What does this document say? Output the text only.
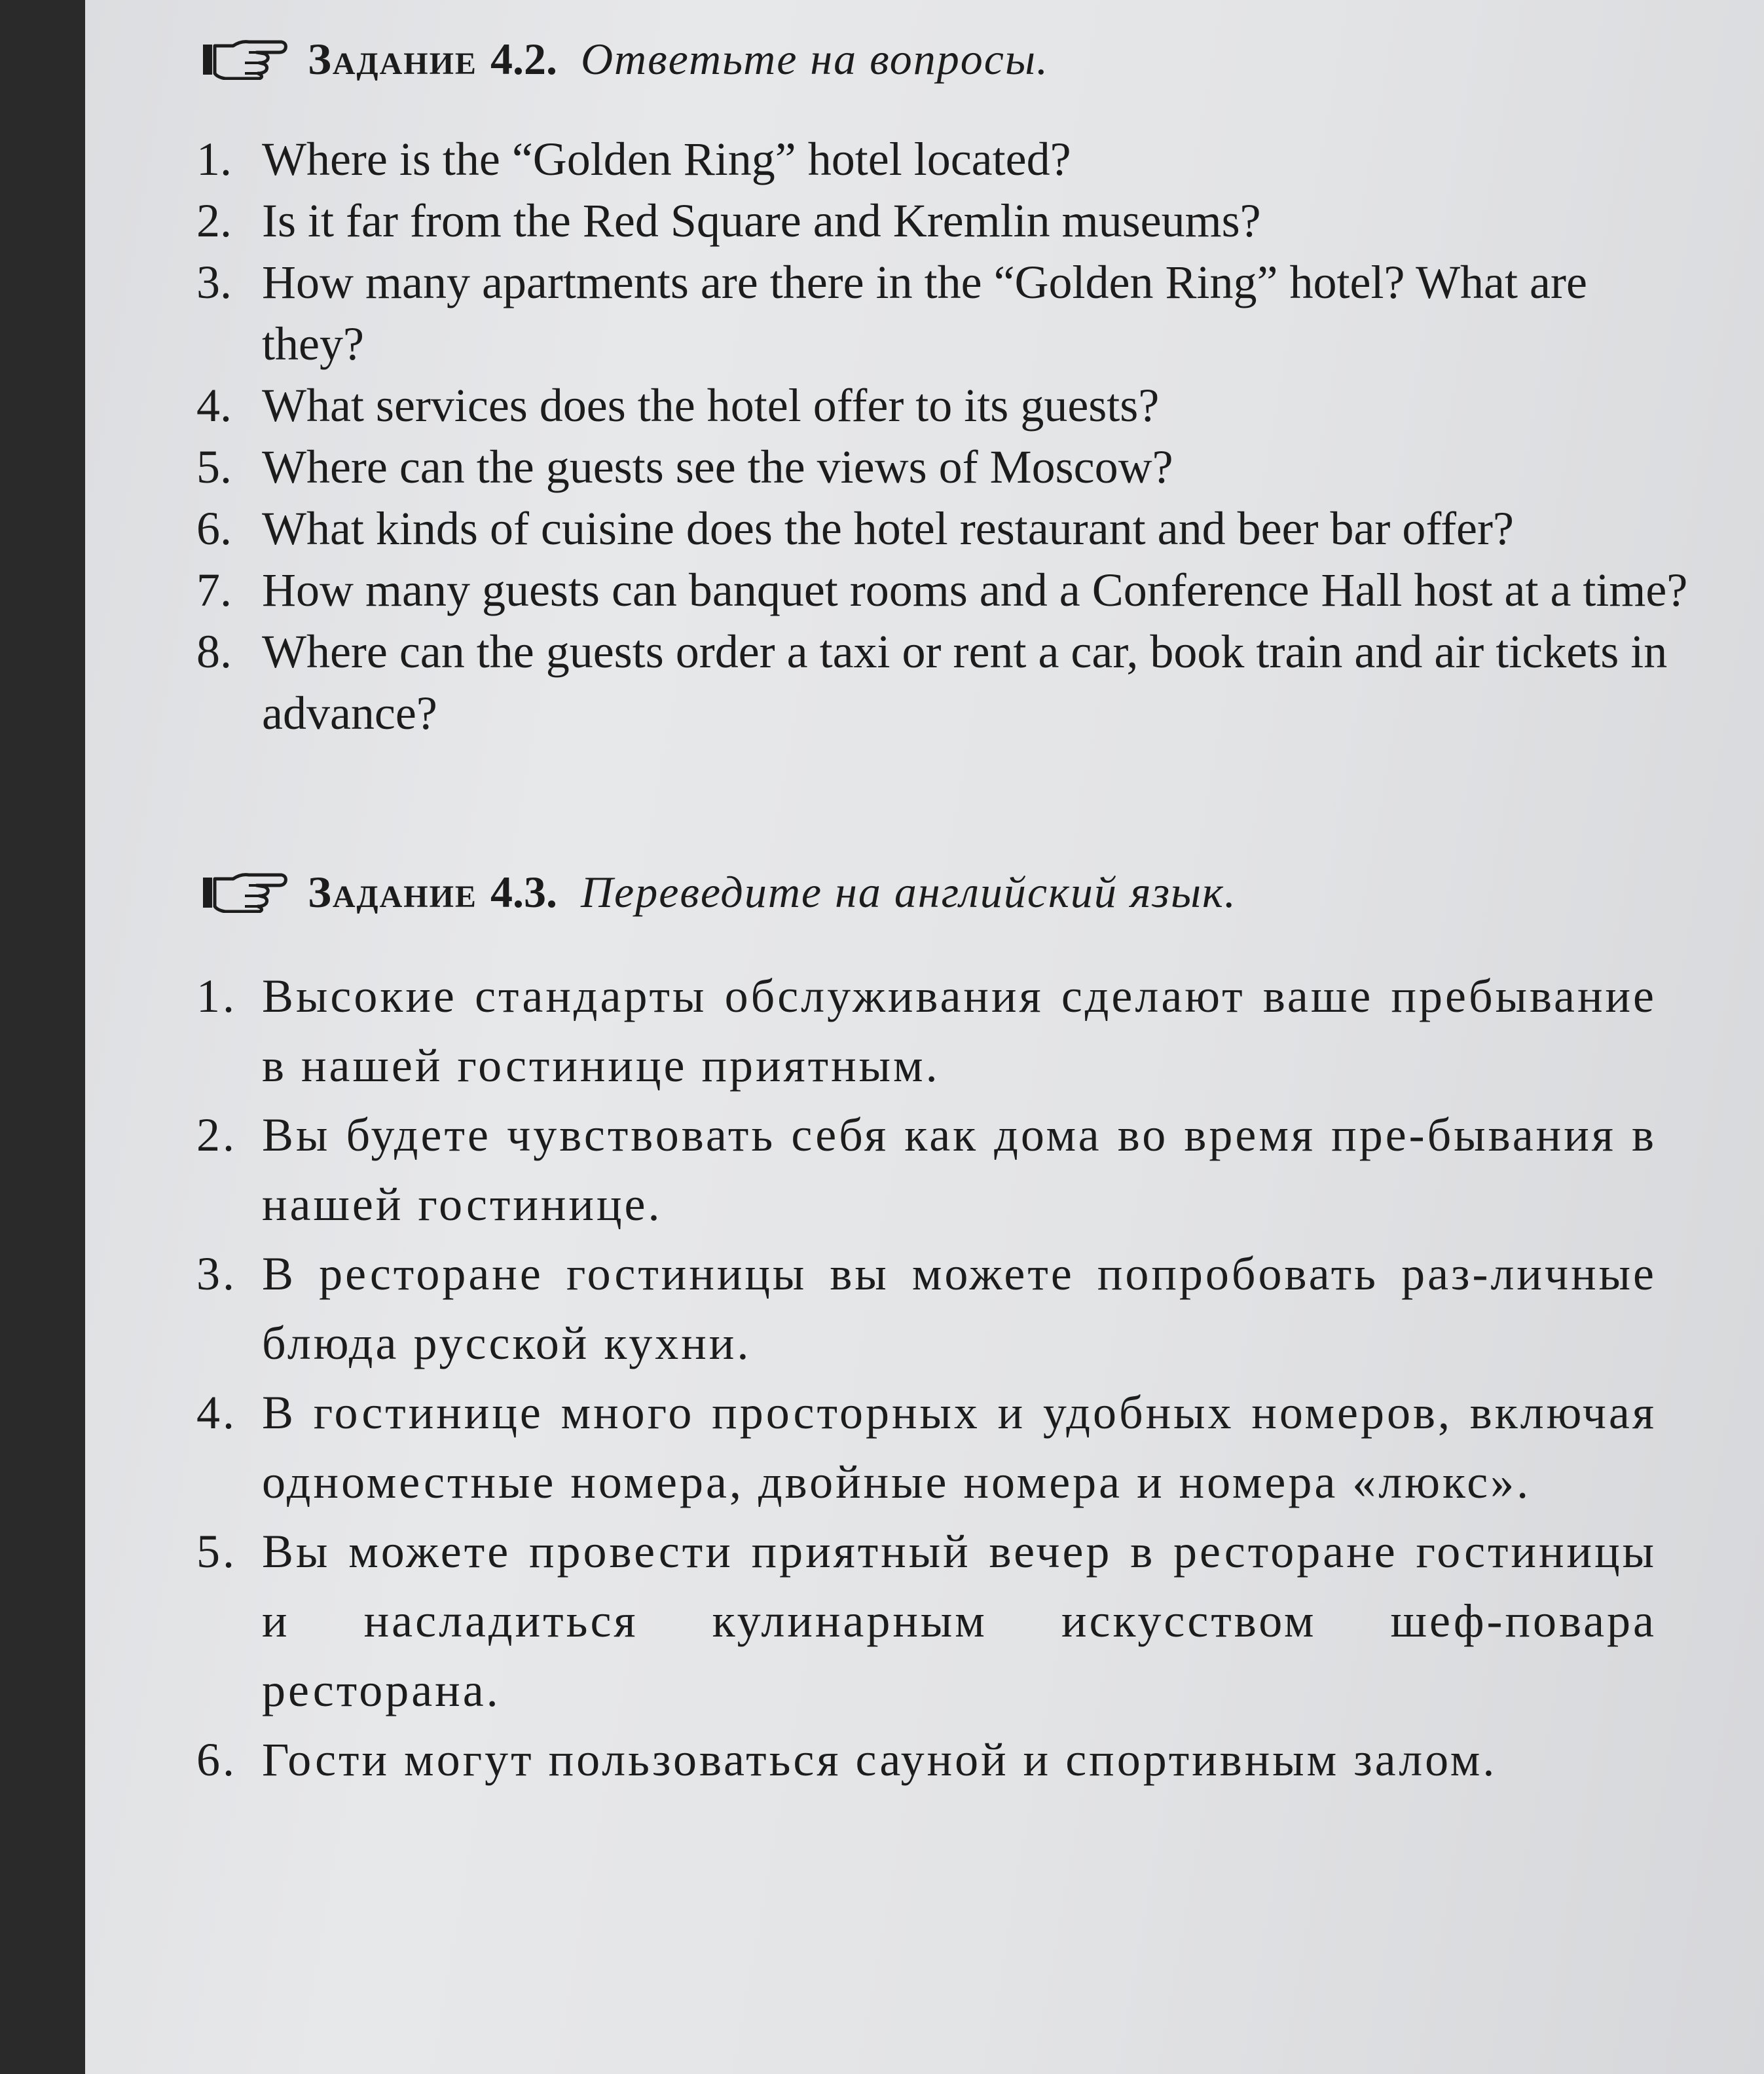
Задание 4.2. Ответьте на вопросы.
1. Where is the “Golden Ring” hotel located?
2. Is it far from the Red Square and Kremlin museums?
3. How many apartments are there in the “Golden Ring” hotel? What are they?
4. What services does the hotel offer to its guests?
5. Where can the guests see the views of Moscow?
6. What kinds of cuisine does the hotel restaurant and beer bar offer?
7. How many guests can banquet rooms and a Conference Hall host at a time?
8. Where can the guests order a taxi or rent a car, book train and air tickets in advance?
Задание 4.3. Переведите на английский язык.
1. Высокие стандарты обслуживания сделают ваше пребывание в нашей гостинице приятным.
2. Вы будете чувствовать себя как дома во время пре-бывания в нашей гостинице.
3. В ресторане гостиницы вы можете попробовать раз-личные блюда русской кухни.
4. В гостинице много просторных и удобных номеров, включая одноместные номера, двойные номера и номера «люкс».
5. Вы можете провести приятный вечер в ресторане гостиницы и насладиться кулинарным искусством шеф-повара ресторана.
6. Гости могут пользоваться сауной и спортивным залом.
